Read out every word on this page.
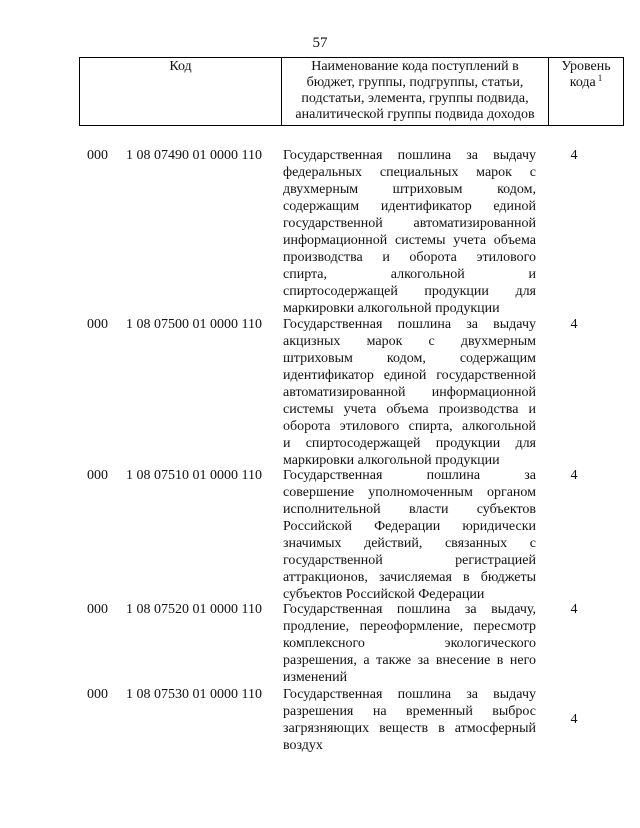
57
Код	Наименование кода поступлений в
бюджет, группы, подгруппы, статьи,
подстатьи, элемента, группы подвида,
аналитической группы подвида доходов

Уровень
кода $^1$
000	1 08 07490 01 0000 110	Государственная пошлина за выдачу
федеральных специальных марок с
двухмерным штриховым кодом,
содержащим идентификатор единой
государственной автоматизированной
информационной системы учета объема
производства и оборота этилового
спирта, алкогольной и
спиртосодержащей продукции для
маркировки алкогольной продукции
4
000	1 08 07500 01 0000 110	Государственная пошлина за выдачу
акцизных марок с двухмерным
штриховым кодом, содержащим
идентификатор единой государственной
автоматизированной информационной
системы учета объема производства и
оборота этилового спирта, алкогольной
и спиртосодержащей продукции для
маркировки алкогольной продукции
4
000	1 08 07510 01 0000 110	Государственная пошлина за
совершение уполномоченным органом
исполнительной власти субъектов
Российской Федерации юридически
значимых действий, связанных с
государственной регистрацией
аттракционов, зачисляемая в бюджеты
субъектов Российской Федерации
4
000	1 08 07520 01 0000 110	Государственная пошлина за выдачу,
продление, переоформление, пересмотр
комплексного экологического
разрешения, а также за внесение в него
изменений
4
000	1 08 07530 01 0000 110	Государственная пошлина за выдачу
разрешения на временный выброс
загрязняющих веществ в атмосферный
воздух
4
